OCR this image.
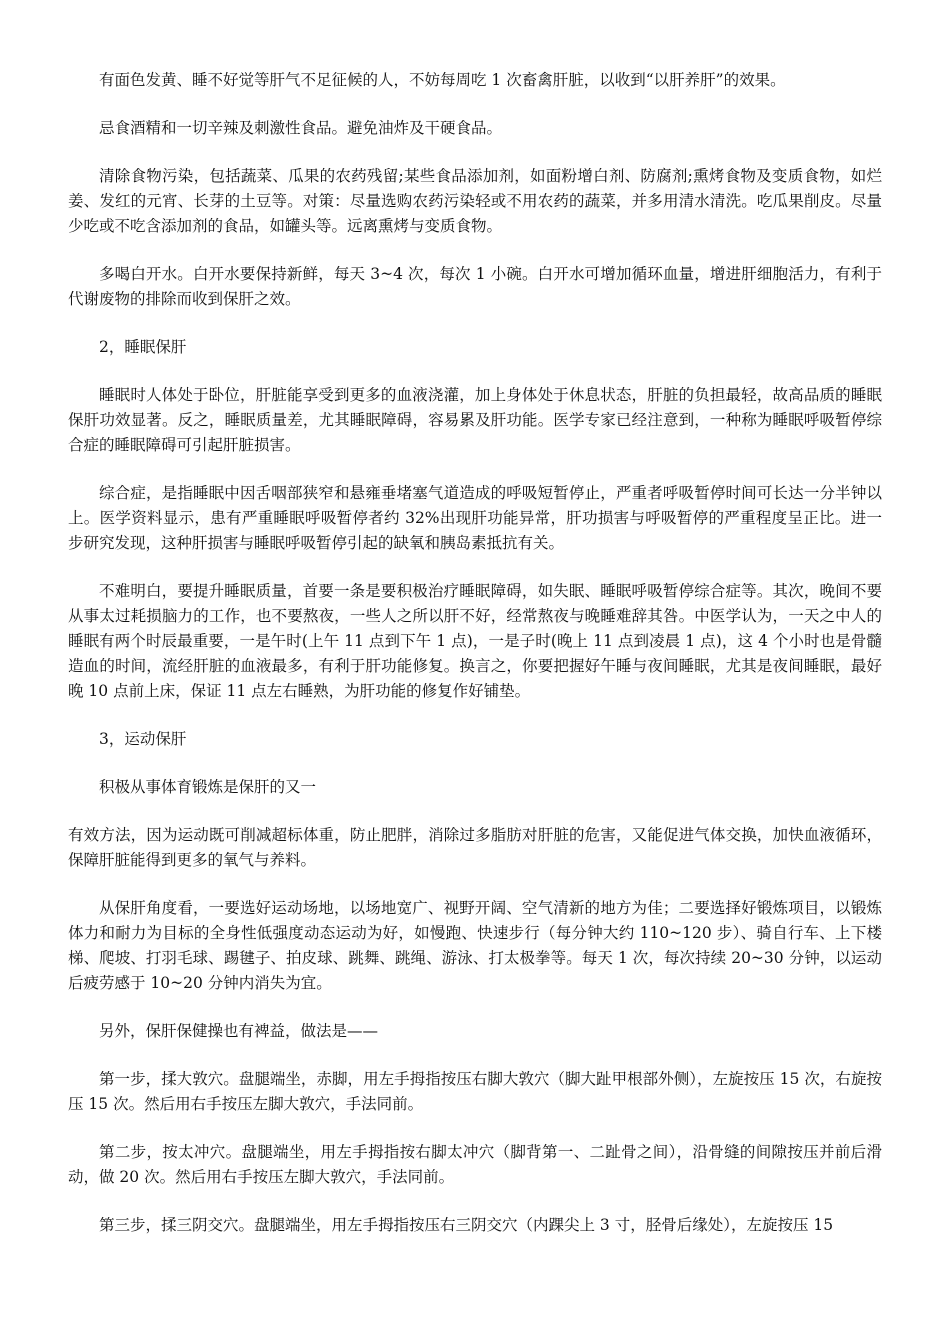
有面色发黄、睡不好觉等肝气不足征候的人，不妨每周吃 1 次畜禽肝脏，以收到“以肝养肝”的效果。

忌食酒精和一切辛辣及刺激性食品。避免油炸及干硬食品。

清除食物污染，包括蔬菜、瓜果的农药残留;某些食品添加剂，如面粉增白剂、防腐剂;熏烤食物及变质食物，如烂姜、发红的元宵、长芽的土豆等。对策：尽量选购农药污染轻或不用农药的蔬菜，并多用清水清洗。吃瓜果削皮。尽量少吃或不吃含添加剂的食品，如罐头等。远离熏烤与变质食物。

多喝白开水。白开水要保持新鲜，每天 3~4 次，每次 1 小碗。白开水可增加循环血量，增进肝细胞活力，有利于代谢废物的排除而收到保肝之效。

2，睡眠保肝

睡眠时人体处于卧位，肝脏能享受到更多的血液浇灌，加上身体处于休息状态，肝脏的负担最轻，故高品质的睡眠保肝功效显著。反之，睡眠质量差，尤其睡眠障碍，容易累及肝功能。医学专家已经注意到，一种称为睡眠呼吸暂停综合症的睡眠障碍可引起肝脏损害。

综合症，是指睡眠中因舌咽部狭窄和悬雍垂堵塞气道造成的呼吸短暂停止，严重者呼吸暂停时间可长达一分半钟以上。医学资料显示，患有严重睡眠呼吸暂停者约 32%出现肝功能异常，肝功损害与呼吸暂停的严重程度呈正比。进一步研究发现，这种肝损害与睡眠呼吸暂停引起的缺氧和胰岛素抵抗有关。

不难明白，要提升睡眠质量，首要一条是要积极治疗睡眠障碍，如失眠、睡眠呼吸暂停综合症等。其次，晚间不要从事太过耗损脑力的工作，也不要熬夜，一些人之所以肝不好，经常熬夜与晚睡难辞其咎。中医学认为，一天之中人的睡眠有两个时辰最重要，一是午时(上午 11 点到下午 1 点)，一是子时(晚上 11 点到凌晨 1 点)，这 4 个小时也是骨髓造血的时间，流经肝脏的血液最多，有利于肝功能修复。换言之，你要把握好午睡与夜间睡眠，尤其是夜间睡眠，最好晚 10 点前上床，保证 11 点左右睡熟，为肝功能的修复作好铺垫。

3，运动保肝

积极从事体育锻炼是保肝的又一

有效方法，因为运动既可削减超标体重，防止肥胖，消除过多脂肪对肝脏的危害，又能促进气体交换，加快血液循环，保障肝脏能得到更多的氧气与养料。

从保肝角度看，一要选好运动场地，以场地宽广、视野开阔、空气清新的地方为佳；二要选择好锻炼项目，以锻炼体力和耐力为目标的全身性低强度动态运动为好，如慢跑、快速步行（每分钟大约 110~120 步）、骑自行车、上下楼梯、爬坡、打羽毛球、踢毽子、拍皮球、跳舞、跳绳、游泳、打太极拳等。每天 1 次，每次持续 20~30 分钟，以运动后疲劳感于 10~20 分钟内消失为宜。

另外，保肝保健操也有裨益，做法是——

第一步，揉大敦穴。盘腿端坐，赤脚，用左手拇指按压右脚大敦穴（脚大趾甲根部外侧），左旋按压 15 次，右旋按压 15 次。然后用右手按压左脚大敦穴，手法同前。

第二步，按太冲穴。盘腿端坐，用左手拇指按右脚太冲穴（脚背第一、二趾骨之间），沿骨缝的间隙按压并前后滑动，做 20 次。然后用右手按压左脚大敦穴，手法同前。

第三步，揉三阴交穴。盘腿端坐，用左手拇指按压右三阴交穴（内踝尖上 3 寸，胫骨后缘处），左旋按压 15
